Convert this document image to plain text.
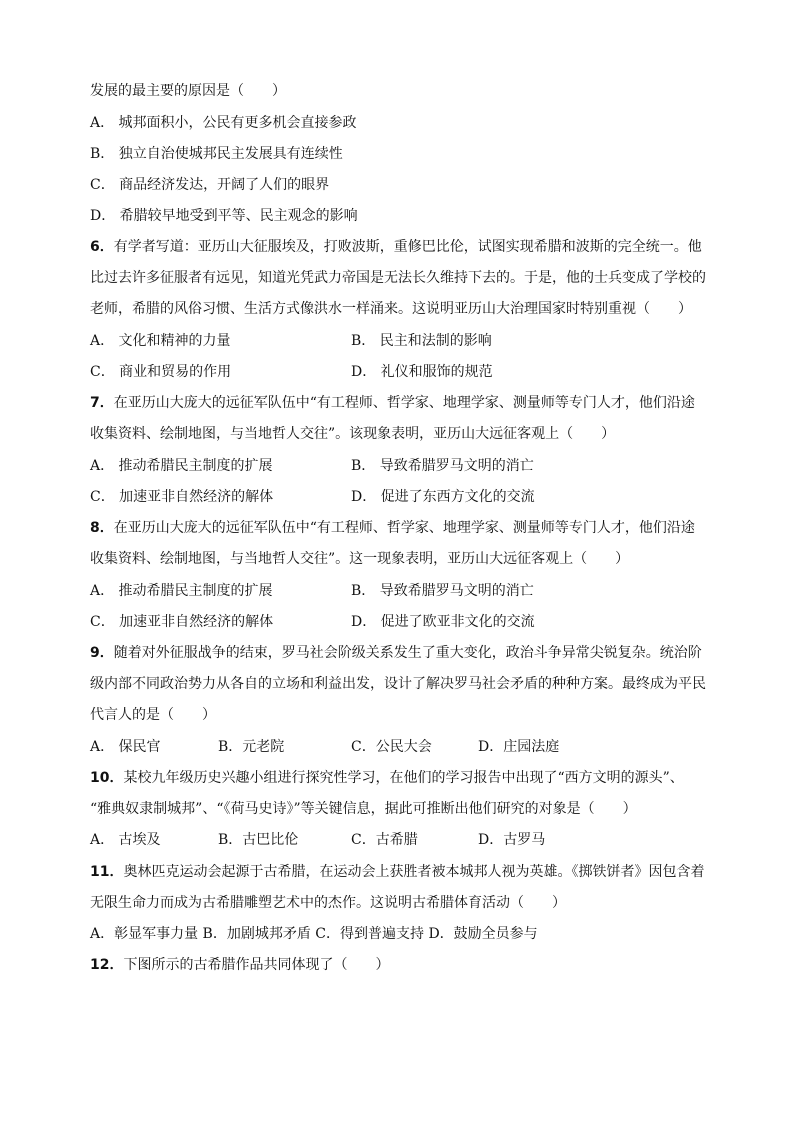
发展的最主要的原因是（　　）
A． 城邦面积小，公民有更多机会直接参政
B． 独立自治使城邦民主发展具有连续性
C． 商品经济发达，开阔了人们的眼界
D． 希腊较早地受到平等、民主观念的影响
6．有学者写道：亚历山大征服埃及，打败波斯，重修巴比伦，试图实现希腊和波斯的完全统一。他
比过去许多征服者有远见，知道光凭武力帝国是无法长久维持下去的。于是，他的士兵变成了学校的
老师，希腊的风俗习惯、生活方式像洪水一样涌来。这说明亚历山大治理国家时特别重视（　　）
A． 文化和精神的力量	B． 民主和法制的影响
C． 商业和贸易的作用	D． 礼仪和服饰的规范
7．在亚历山大庞大的远征军队伍中“有工程师、哲学家、地理学家、测量师等专门人才，他们沿途
收集资料、绘制地图，与当地哲人交往”。该现象表明，亚历山大远征客观上（　　）
A． 推动希腊民主制度的扩展	B． 导致希腊罗马文明的消亡
C． 加速亚非自然经济的解体	D． 促进了东西方文化的交流
8．在亚历山大庞大的远征军队伍中“有工程师、哲学家、地理学家、测量师等专门人才，他们沿途
收集资料、绘制地图，与当地哲人交往”。这一现象表明，亚历山大远征客观上（　　）
A． 推动希腊民主制度的扩展	B． 导致希腊罗马文明的消亡
C． 加速亚非自然经济的解体	D． 促进了欧亚非文化的交流
9．随着对外征服战争的结束，罗马社会阶级关系发生了重大变化，政治斗争异常尖锐复杂。统治阶
级内部不同政治势力从各自的立场和利益出发，设计了解决罗马社会矛盾的种种方案。最终成为平民
代言人的是（　　）
A． 保民官	B．元老院	C．公民大会	D．庄园法庭
10．某校九年级历史兴趣小组进行探究性学习，在他们的学习报告中出现了“西方文明的源头”、
“雅典奴隶制城邦”、“《荷马史诗》”等关键信息，据此可推断出他们研究的对象是（　　）
A． 古埃及	B．古巴比伦	C．古希腊	D．古罗马
11．奥林匹克运动会起源于古希腊，在运动会上获胜者被本城邦人视为英雄。《掷铁饼者》因包含着
无限生命力而成为古希腊雕塑艺术中的杰作。这说明古希腊体育活动（　　）
A．彰显军事力量 B．加剧城邦矛盾 C．得到普遍支持 D．鼓励全员参与
12．下图所示的古希腊作品共同体现了（　　）
